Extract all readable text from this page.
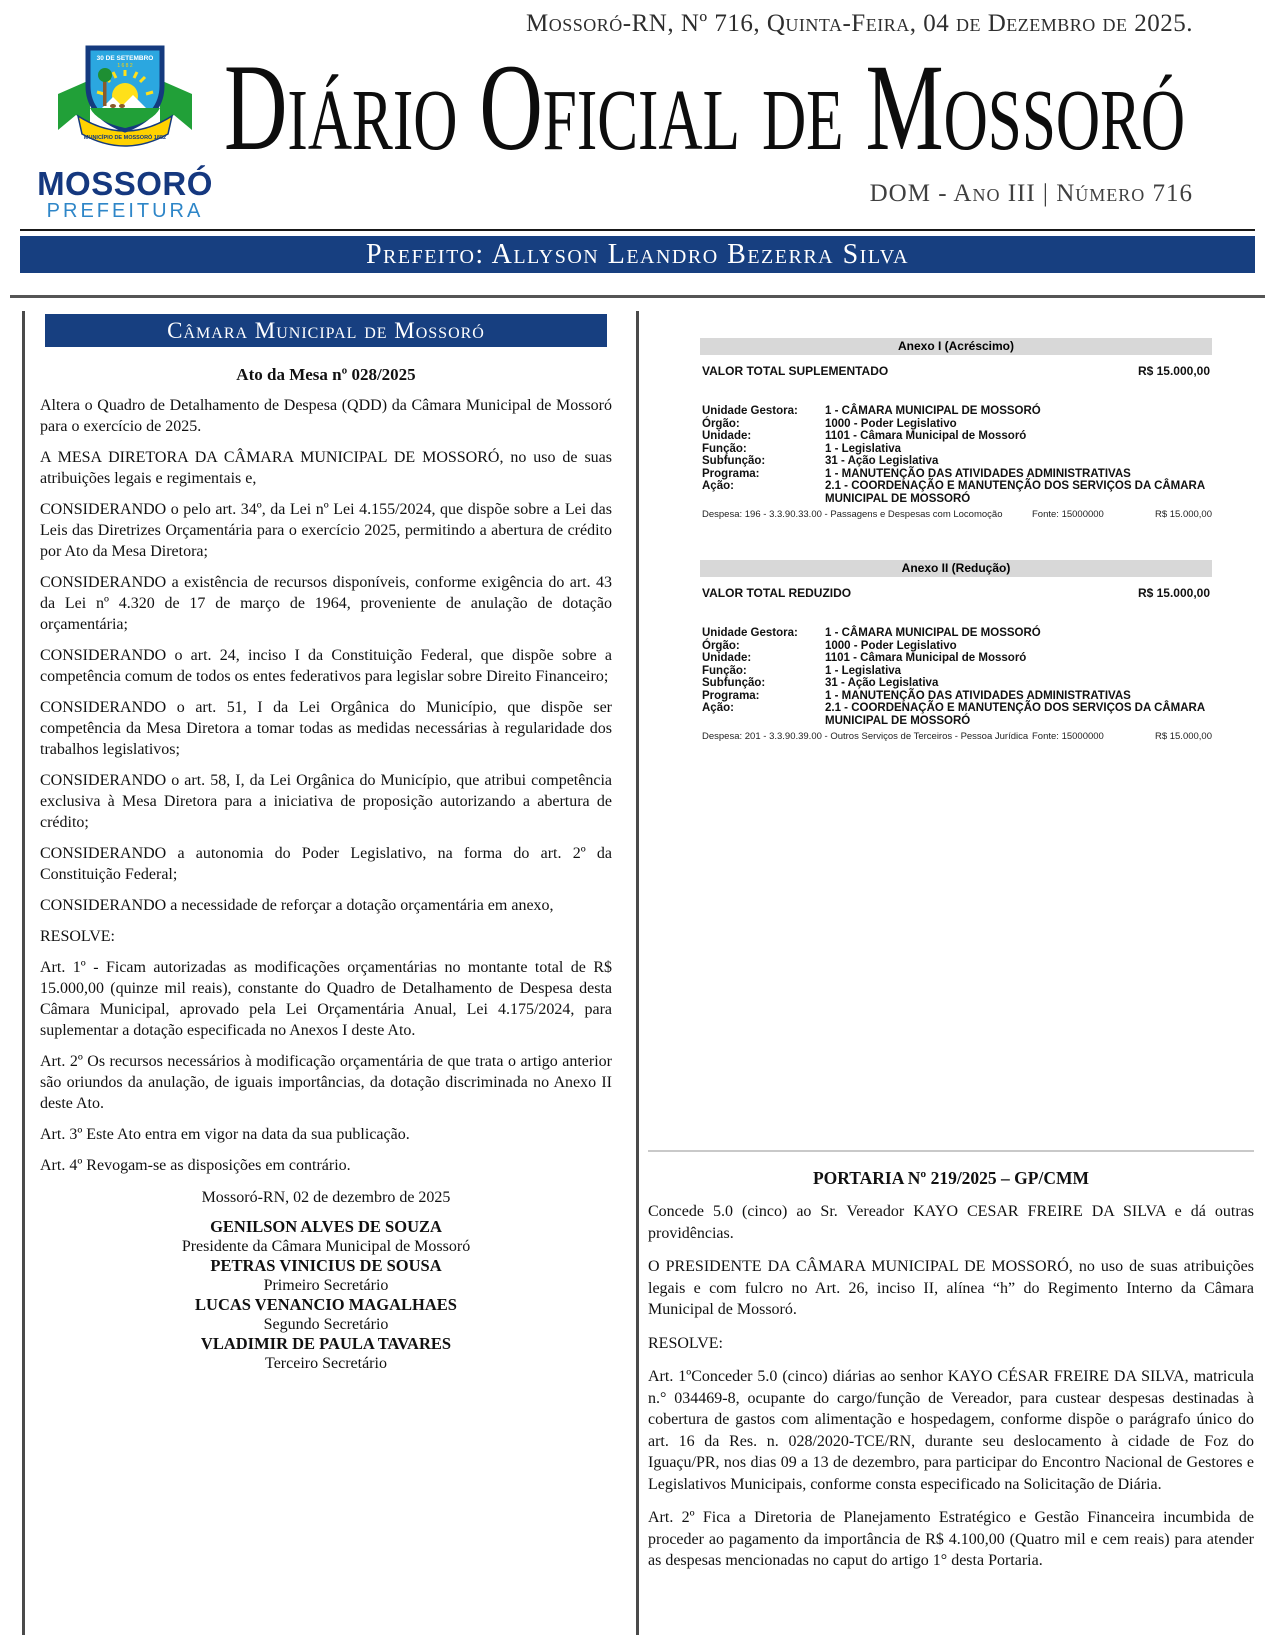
Mossoró-RN, Nº 716, Quinta-Feira, 04 de Dezembro de 2025.
30 DE SETEMBRO
1 6 8 2
MUNICÍPIO DE MOSSORÓ 1852
MOSSORÓ
PREFEITURA
Diário Oficial de Mossoró
DOM - Ano III | Número 716
Prefeito: Allyson Leandro Bezerra Silva
Câmara Municipal de Mossoró
Ato da Mesa nº 028/2025

Altera o Quadro de Detalhamento de Despesa (QDD) da Câmara Municipal de Mossoró para o exercício de 2025.

A MESA DIRETORA DA CÂMARA MUNICIPAL DE MOSSORÓ, no uso de suas atribuições legais e regimentais e,

CONSIDERANDO o pelo art. 34º, da Lei nº Lei 4.155/2024, que dispõe sobre a Lei das Leis das Diretrizes Orçamentária para o exercício 2025, permitindo a abertura de crédito por Ato da Mesa Diretora;

CONSIDERANDO a existência de recursos disponíveis, conforme exigência do art. 43 da Lei nº 4.320 de 17 de março de 1964, proveniente de anulação de dotação orçamentária;

CONSIDERANDO o art. 24, inciso I da Constituição Federal, que dispõe sobre a competência comum de todos os entes federativos para legislar sobre Direito Financeiro;

CONSIDERANDO o art. 51, I da Lei Orgânica do Município, que dispõe ser competência da Mesa Diretora a tomar todas as medidas necessárias à regularidade dos trabalhos legislativos;

CONSIDERANDO o art. 58, I, da Lei Orgânica do Município, que atribui competência exclusiva à Mesa Diretora para a iniciativa de proposição autorizando a abertura de crédito;

CONSIDERANDO a autonomia do Poder Legislativo, na forma do art. 2º da Constituição Federal;

CONSIDERANDO a necessidade de reforçar a dotação orçamentária em anexo,

RESOLVE:

Art. 1º - Ficam autorizadas as modificações orçamentárias no montante total de R$ 15.000,00 (quinze mil reais), constante do Quadro de Detalhamento de Despesa desta Câmara Municipal, aprovado pela Lei Orçamentária Anual, Lei 4.175/2024, para suplementar a dotação especificada no Anexos I deste Ato.

Art. 2º Os recursos necessários à modificação orçamentária de que trata o artigo anterior são oriundos da anulação, de iguais importâncias, da dotação discriminada no Anexo II deste Ato.

Art. 3º Este Ato entra em vigor na data da sua publicação.

Art. 4º Revogam-se as disposições em contrário.

Mossoró-RN, 02 de dezembro de 2025
GENILSON ALVES DE SOUZA
Presidente da Câmara Municipal de Mossoró
PETRAS VINICIUS DE SOUSA
Primeiro Secretário
LUCAS VENANCIO MAGALHAES
Segundo Secretário
VLADIMIR DE PAULA TAVARES
Terceiro Secretário
Anexo I (Acréscimo)
VALOR TOTAL SUPLEMENTADO	R$ 15.000,00
Unidade Gestora:	1 - CÂMARA MUNICIPAL DE MOSSORÓ
Órgão:	1000 - Poder Legislativo
Unidade:	1101 - Câmara Municipal de Mossoró
Função:	1 - Legislativa
Subfunção:	31 - Ação Legislativa
Programa:	1 - MANUTENÇÃO DAS ATIVIDADES ADMINISTRATIVAS
Ação:	2.1 - COORDENAÇÃO E MANUTENÇÃO DOS SERVIÇOS DA CÂMARA MUNICIPAL DE MOSSORÓ
Despesa: 196 - 3.3.90.33.00 - Passagens e Despesas com Locomoção	Fonte: 15000000	R$ 15.000,00
Anexo II (Redução)
VALOR TOTAL REDUZIDO	R$ 15.000,00
Unidade Gestora:	1 - CÂMARA MUNICIPAL DE MOSSORÓ
Órgão:	1000 - Poder Legislativo
Unidade:	1101 - Câmara Municipal de Mossoró
Função:	1 - Legislativa
Subfunção:	31 - Ação Legislativa
Programa:	1 - MANUTENÇÃO DAS ATIVIDADES ADMINISTRATIVAS
Ação:	2.1 - COORDENAÇÃO E MANUTENÇÃO DOS SERVIÇOS DA CÂMARA MUNICIPAL DE MOSSORÓ
Despesa: 201 - 3.3.90.39.00 - Outros Serviços de Terceiros - Pessoa Jurídica Fonte: 15000000	R$ 15.000,00
PORTARIA Nº 219/2025 – GP/CMM

Concede 5.0 (cinco) ao Sr. Vereador KAYO CESAR FREIRE DA SILVA e dá outras providências.

O PRESIDENTE DA CÂMARA MUNICIPAL DE MOSSORÓ, no uso de suas atribuições legais e com fulcro no Art. 26, inciso II, alínea “h” do Regimento Interno da Câmara Municipal de Mossoró.

RESOLVE:

Art. 1ºConceder 5.0 (cinco) diárias ao senhor KAYO CÉSAR FREIRE DA SILVA, matricula n.° 034469-8, ocupante do cargo/função de Vereador, para custear despesas destinadas à cobertura de gastos com alimentação e hospedagem, conforme dispõe o parágrafo único do art. 16 da Res. n. 028/2020-TCE/RN, durante seu deslocamento à cidade de Foz do Iguaçu/PR, nos dias 09 a 13 de dezembro, para participar do Encontro Nacional de Gestores e Legislativos Municipais, conforme consta especificado na Solicitação de Diária.

Art. 2º Fica a Diretoria de Planejamento Estratégico e Gestão Financeira incumbida de proceder ao pagamento da importância de R$ 4.100,00 (Quatro mil e cem reais) para atender as despesas mencionadas no caput do artigo 1° desta Portaria.
